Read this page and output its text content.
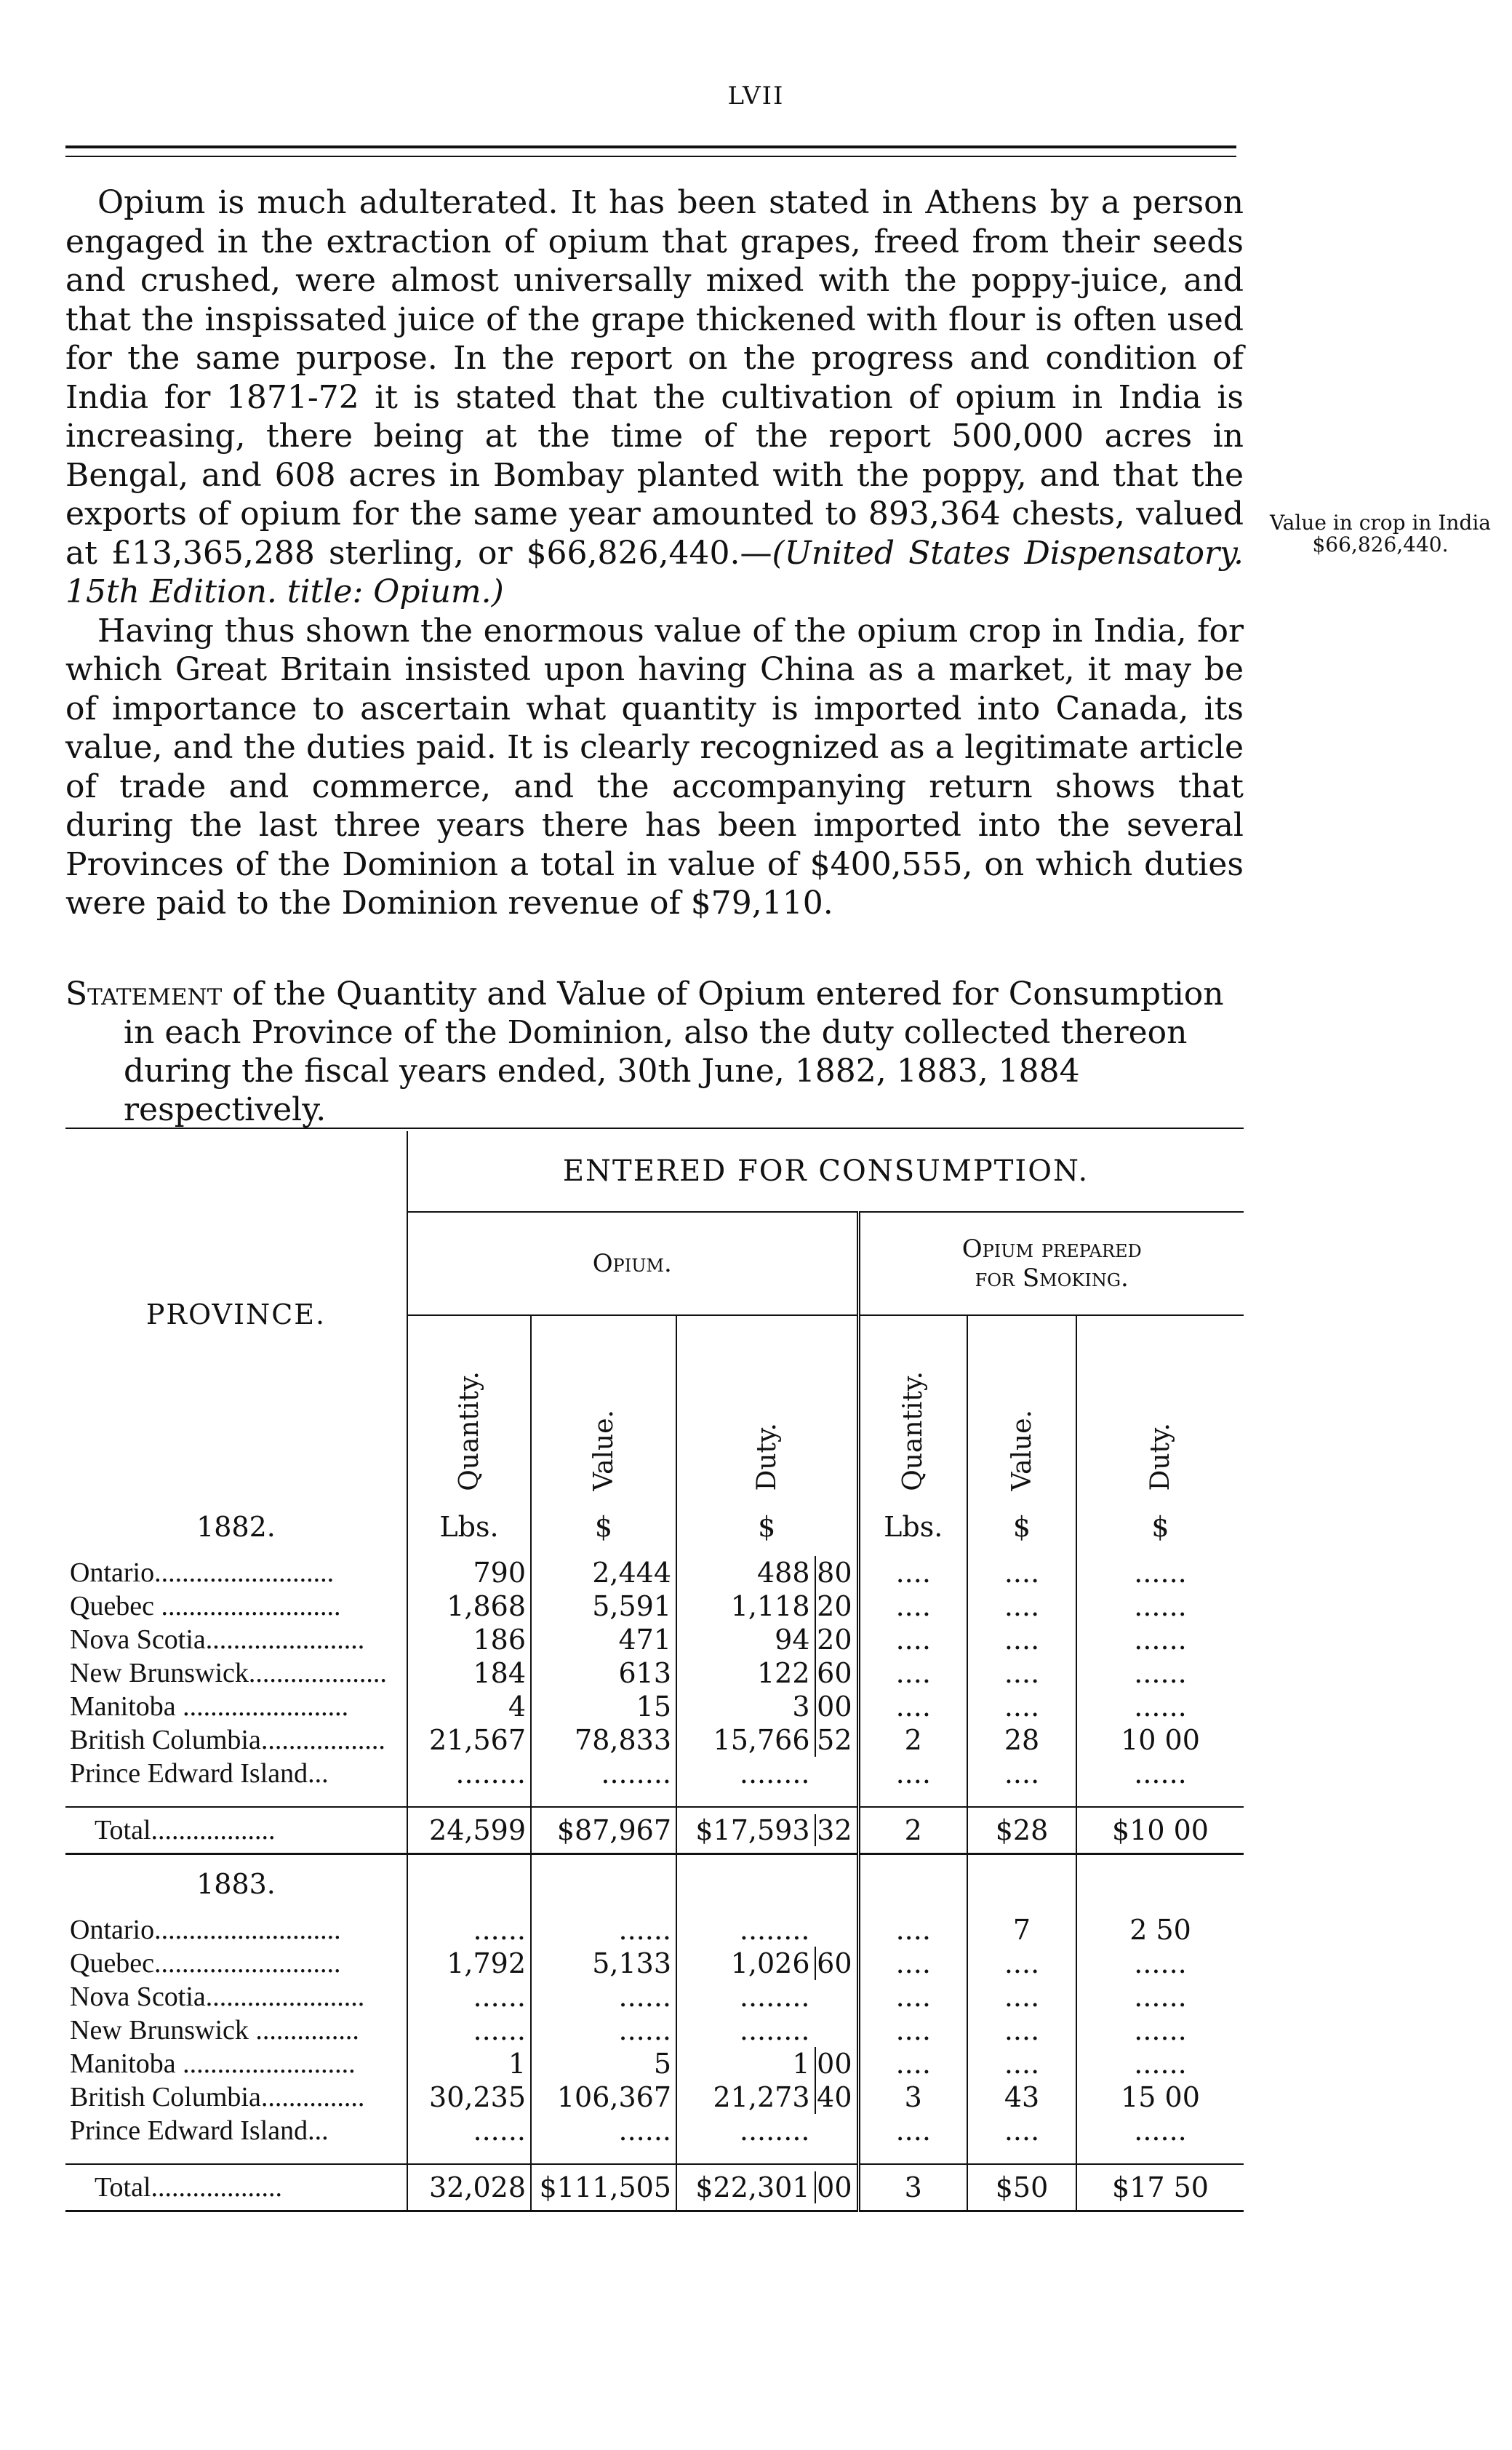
LVII

Opium is much adulterated. It has been stated in Athens by a person engaged in the extraction of opium that grapes, freed from their seeds and crushed, were almost universally mixed with the poppy-juice, and that the inspissated juice of the grape thickened with flour is often used for the same purpose. In the report on the progress and condition of India for 1871-72 it is stated that the cultivation of opium in India is increasing, there being at the time of the report 500,000 acres in Bengal, and 608 acres in Bombay planted with the poppy, and that the exports of opium for the same year amounted to 893,364 chests, valued at £13,365,288 sterling, or $66,826,440.—(United States Dispensatory. 15th Edition. title: Opium.)

Having thus shown the enormous value of the opium crop in India, for which Great Britain insisted upon having China as a market, it may be of importance to ascertain what quantity is imported into Canada, its value, and the duties paid. It is clearly recognized as a legitimate article of trade and commerce, and the accompanying return shows that during the last three years there has been imported into the several Provinces of the Dominion a total in value of $400,555, on which duties were paid to the Dominion revenue of $79,110.

Value in crop in India $66,826,440.
Statement of the Quantity and Value of Opium entered for Consumption
in each Province of the Dominion, also the duty collected thereon
during the fiscal years ended, 30th June, 1882, 1883, 1884 respectively.
PROVINCE.	ENTERED FOR CONSUMPTION.					
	Opium.			Opium prepared
for Smoking.		
	Quantity.	Value.	Duty.	Quantity.	Value.	Duty.
1882.	Lbs.	$	$	Lbs.	$	$
Ontario..........................	790	2,444	488 80	....	....	......
Quebec ..........................	1,868	5,591	1,118 20	....	....	......
Nova Scotia.......................	186	471	94 20	....	....	......
New Brunswick....................	184	613	122 60	....	....	......
Manitoba ........................	4	15	3 00	....	....	......
British Columbia..................	21,567	78,833	15,766 52	2	28	10 00
Prince Edward Island...	........	........	........	....	....	......

Total..................	24,599	$87,967	$17,593 32	2	$28	$10 00
1883.						
Ontario...........................	......	......	........	....	7	2 50
Quebec...........................	1,792	5,133	1,026 60	....	....	......
Nova Scotia.......................	......	......	........	....	....	......
New Brunswick ...............	......	......	........	....	....	......
Manitoba .........................	1	5	1 00	....	....	......
British Columbia...............	30,235	106,367	21,273 40	3	43	15 00
Prince Edward Island...	......	......	........	....	....	......

Total...................	32,028	$111,505	$22,301 00	3	$50	$17 50
